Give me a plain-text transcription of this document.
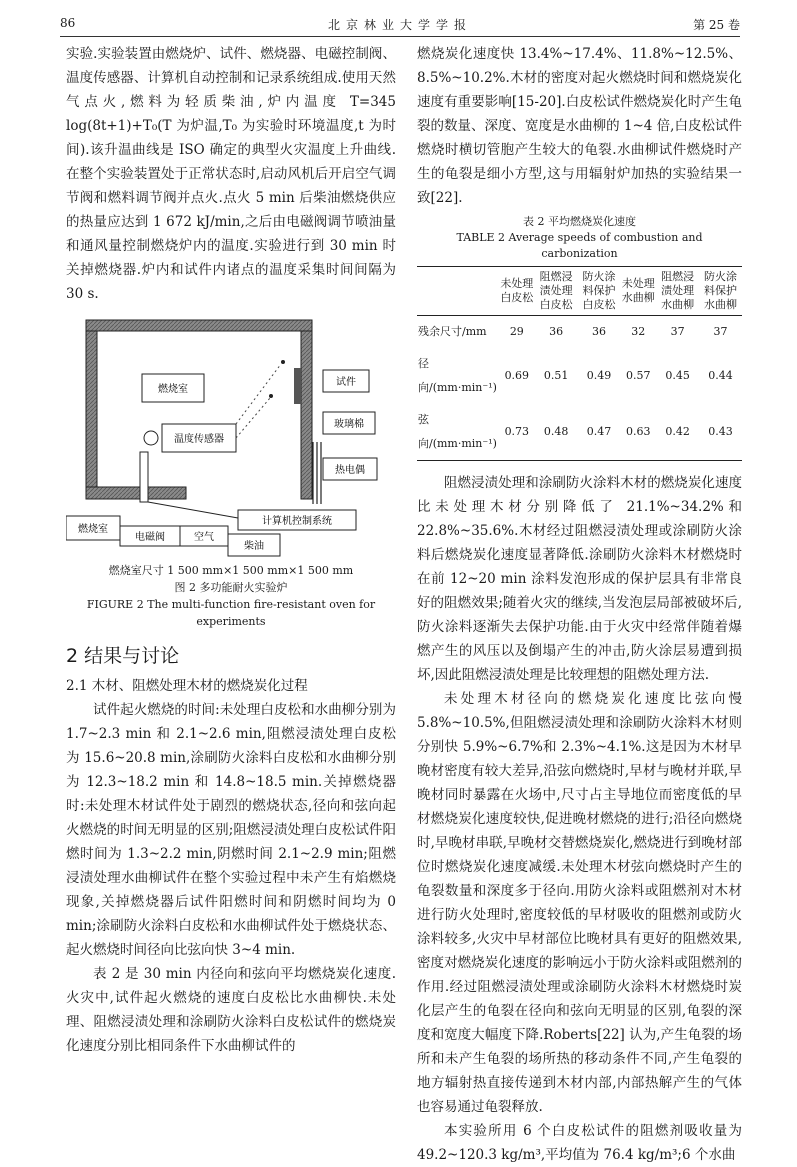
86	北京林业大学学报	第 25 卷

实验.实验装置由燃烧炉、试件、燃烧器、电磁控制阀、温度传感器、计算机自动控制和记录系统组成.使用天然气点火,燃料为轻质柴油,炉内温度 T=345 log(8t+1)+T₀(T 为炉温,T₀ 为实验时环境温度,t 为时间).该升温曲线是 ISO 确定的典型火灾温度上升曲线.在整个实验装置处于正常状态时,启动风机后开启空气调节阀和燃料调节阀并点火.点火 5 min 后柴油燃烧供应的热量应达到 1 672 kJ/min,之后由电磁阀调节喷油量和通风量控制燃烧炉内的温度.实验进行到 30 min 时关掉燃烧器.炉内和试件内诸点的温度采集时间间隔为 30 s.

燃烧室
温度传感器
试件
玻璃棉
热电偶
计算机控制系统
燃烧室
电磁阀	空气
柴油
燃烧室尺寸 1 500 mm×1 500 mm×1 500 mm
图 2 多功能耐火实验炉
FIGURE 2 The multi-function fire-resistant oven for experiments
2 结果与讨论
2.1 木材、阻燃处理木材的燃烧炭化过程

试件起火燃烧的时间:未处理白皮松和水曲柳分别为 1.7~2.3 min 和 2.1~2.6 min,阻燃浸渍处理白皮松为 15.6~20.8 min,涂刷防火涂料白皮松和水曲柳分别为 12.3~18.2 min 和 14.8~18.5 min.关掉燃烧器时:未处理木材试件处于剧烈的燃烧状态,径向和弦向起火燃烧的时间无明显的区别;阻燃浸渍处理白皮松试件阳燃时间为 1.3~2.2 min,阴燃时间 2.1~2.9 min;阻燃浸渍处理水曲柳试件在整个实验过程中未产生有焰燃烧现象,关掉燃烧器后试件阳燃时间和阴燃时间均为 0 min;涂刷防火涂料白皮松和水曲柳试件处于燃烧状态、起火燃烧时间径向比弦向快 3~4 min.

表 2 是 30 min 内径向和弦向平均燃烧炭化速度.火灾中,试件起火燃烧的速度白皮松比水曲柳快.未处理、阻燃浸渍处理和涂刷防火涂料白皮松试件的燃烧炭化速度分别比相同条件下水曲柳试件的

燃烧炭化速度快 13.4%~17.4%、11.8%~12.5%、8.5%~10.2%.木材的密度对起火燃烧时间和燃烧炭化速度有重要影响[15-20].白皮松试件燃烧炭化时产生龟裂的数量、深度、宽度是水曲柳的 1~4 倍,白皮松试件燃烧时横切管胞产生较大的龟裂.水曲柳试件燃烧时产生的龟裂是细小方型,这与用辐射炉加热的实验结果一致[22].

表 2 平均燃烧炭化速度
TABLE 2 Average speeds of combustion and carbonization
	未处理白皮松	阻燃浸渍处理白皮松	防火涂料保护白皮松	未处理水曲柳	阻燃浸渍处理水曲柳	防火涂料保护水曲柳
残余尺寸/mm	29	36	36	32	37	37
径向/(mm·min⁻¹)	0.69	0.51	0.49	0.57	0.45	0.44
弦向/(mm·min⁻¹)	0.73	0.48	0.47	0.63	0.42	0.43

阻燃浸渍处理和涂刷防火涂料木材的燃烧炭化速度比未处理木材分别降低了 21.1%~34.2%和 22.8%~35.6%.木材经过阻燃浸渍处理或涂刷防火涂料后燃烧炭化速度显著降低.涂刷防火涂料木材燃烧时在前 12~20 min 涂料发泡形成的保护层具有非常良好的阻燃效果;随着火灾的继续,当发泡层局部被破坏后,防火涂料逐渐失去保护功能.由于火灾中经常伴随着爆燃产生的风压以及倒塌产生的冲击,防火涂层易遭到损坏,因此阻燃浸渍处理是比较理想的阻燃处理方法.

未处理木材径向的燃烧炭化速度比弦向慢 5.8%~10.5%,但阻燃浸渍处理和涂刷防火涂料木材则分别快 5.9%~6.7%和 2.3%~4.1%.这是因为木材早晚材密度有较大差异,沿弦向燃烧时,早材与晚材并联,早晚材同时暴露在火场中,尺寸占主导地位而密度低的早材燃烧炭化速度较快,促进晚材燃烧的进行;沿径向燃烧时,早晚材串联,早晚材交替燃烧炭化,燃烧进行到晚材部位时燃烧炭化速度减缓.未处理木材弦向燃烧时产生的龟裂数量和深度多于径向.用防火涂料或阻燃剂对木材进行防火处理时,密度较低的早材吸收的阻燃剂或防火涂料较多,火灾中早材部位比晚材具有更好的阻燃效果,密度对燃烧炭化速度的影响远小于防火涂料或阻燃剂的作用.经过阻燃浸渍处理或涂刷防火涂料木材燃烧时炭化层产生的龟裂在径向和弦向无明显的区别,龟裂的深度和宽度大幅度下降.Roberts[22] 认为,产生龟裂的场所和未产生龟裂的场所热的移动条件不同,产生龟裂的地方辐射热直接传递到木材内部,内部热解产生的气体也容易通过龟裂释放.

本实验所用 6 个白皮松试件的阻燃剂吸收量为 49.2~120.3 kg/m³,平均值为 76.4 kg/m³;6 个水曲
